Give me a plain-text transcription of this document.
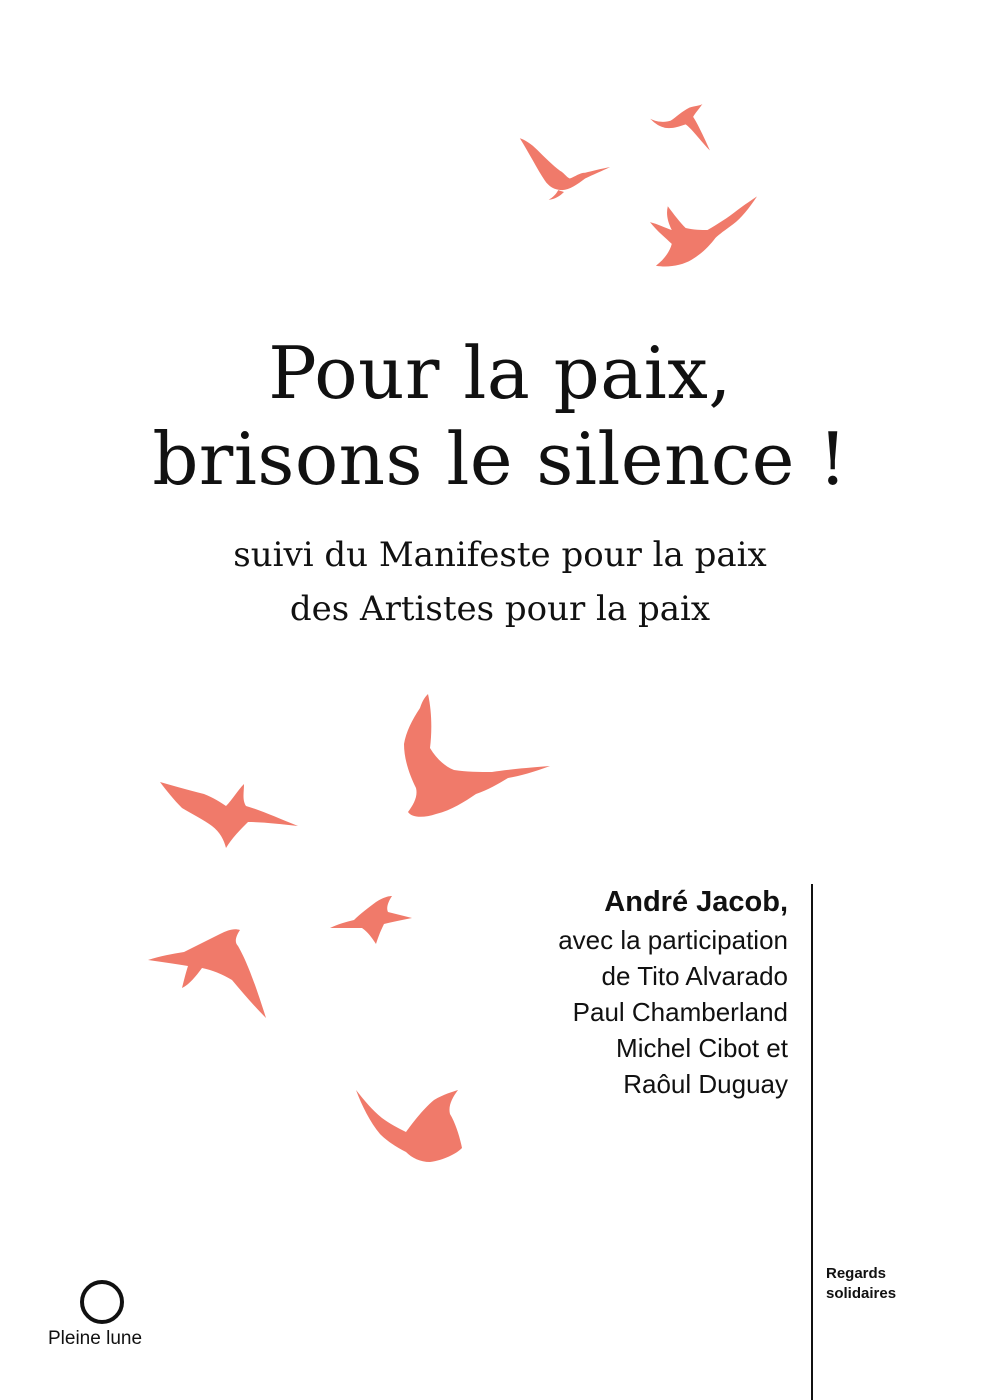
Pour la paix,
brisons le silence !
suivi du Manifeste pour la paix
des Artistes pour la paix
André Jacob,
avec la participation
de Tito Alvarado
Paul Chamberland
Michel Cibot et
Raôul Duguay
Regards
solidaires
Pleine lune
